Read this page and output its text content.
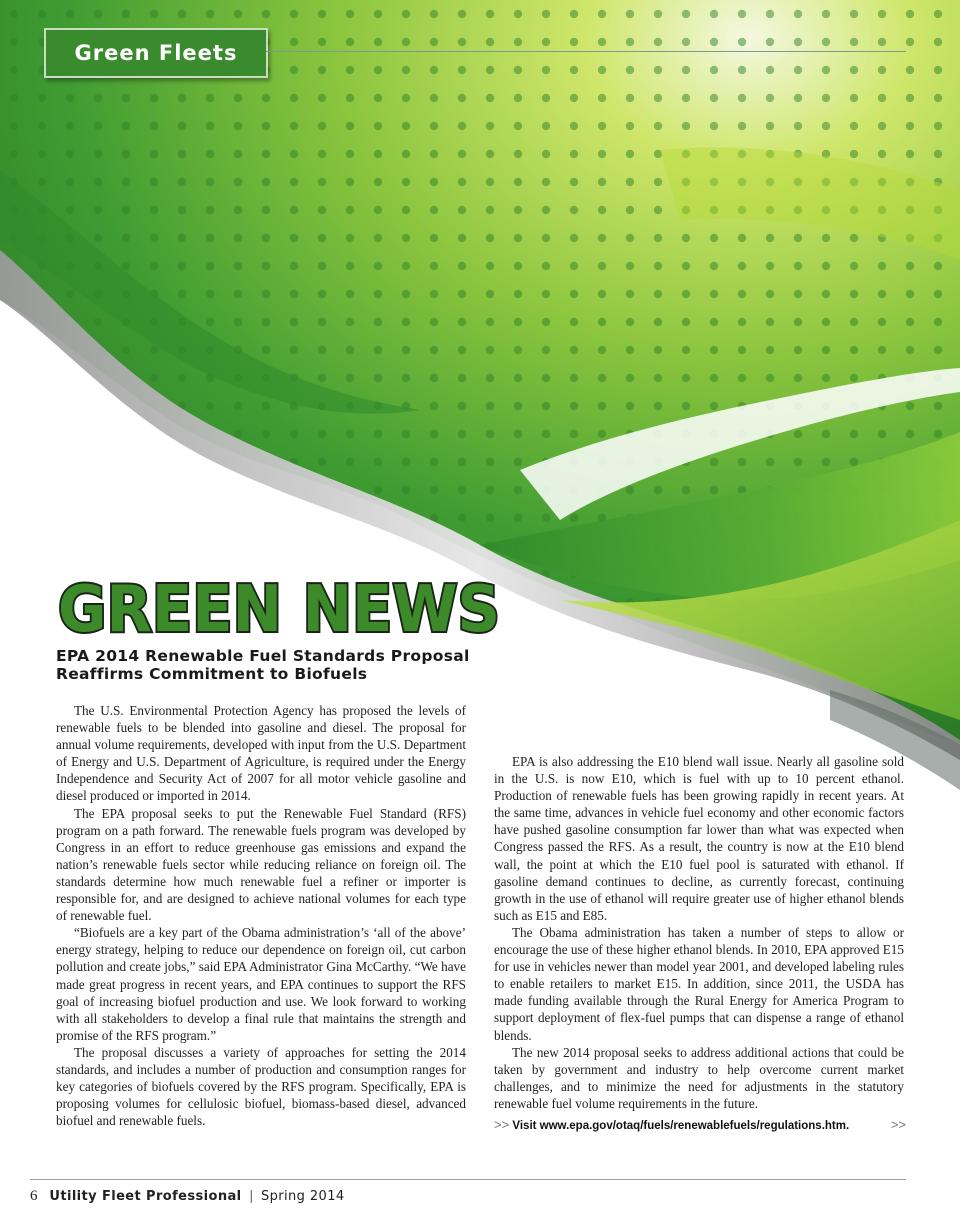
Green Fleets
GREEN NEWS
EPA 2014 Renewable Fuel Standards Proposal Reaffirms Commitment to Biofuels

The U.S. Environmental Protection Agency has proposed the levels of renewable fuels to be blended into gasoline and diesel. The proposal for annual volume requirements, developed with input from the U.S. Department of Energy and U.S. Department of Agriculture, is required under the Energy Independence and Security Act of 2007 for all motor vehicle gasoline and diesel produced or imported in 2014.

The EPA proposal seeks to put the Renewable Fuel Standard (RFS) program on a path forward. The renewable fuels program was developed by Congress in an effort to reduce greenhouse gas emissions and expand the nation’s renewable fuels sector while reducing reliance on foreign oil. The standards determine how much renewable fuel a refiner or importer is responsible for, and are designed to achieve national volumes for each type of renewable fuel.

“Biofuels are a key part of the Obama administration’s ‘all of the above’ energy strategy, helping to reduce our dependence on foreign oil, cut carbon pollution and create jobs,” said EPA Administrator Gina McCarthy. “We have made great progress in recent years, and EPA continues to support the RFS goal of increasing biofuel production and use. We look forward to working with all stakeholders to develop a final rule that maintains the strength and promise of the RFS program.”

The proposal discusses a variety of approaches for setting the 2014 standards, and includes a number of production and consumption ranges for key categories of biofuels covered by the RFS program. Specifically, EPA is proposing volumes for cellulosic biofuel, biomass-based diesel, advanced biofuel and renewable fuels.

EPA is also addressing the E10 blend wall issue. Nearly all gasoline sold in the U.S. is now E10, which is fuel with up to 10 percent ethanol. Production of renewable fuels has been growing rapidly in recent years. At the same time, advances in vehicle fuel economy and other economic factors have pushed gasoline consumption far lower than what was expected when Congress passed the RFS. As a result, the country is now at the E10 blend wall, the point at which the E10 fuel pool is saturated with ethanol. If gasoline demand continues to decline, as currently forecast, continuing growth in the use of ethanol will require greater use of higher ethanol blends such as E15 and E85.

The Obama administration has taken a number of steps to allow or encourage the use of these higher ethanol blends. In 2010, EPA approved E15 for use in vehicles newer than model year 2001, and developed labeling rules to enable retailers to market E15. In addition, since 2011, the USDA has made funding available through the Rural Energy for America Program to support deployment of flex-fuel pumps that can dispense a range of ethanol blends.

The new 2014 proposal seeks to address additional actions that could be taken by government and industry to help overcome current market challenges, and to minimize the need for adjustments in the statutory renewable fuel volume requirements in the future.

>> Visit www.epa.gov/otaq/fuels/renewablefuels/regulations.htm.	>>
6 Utility Fleet Professional | Spring 2014
